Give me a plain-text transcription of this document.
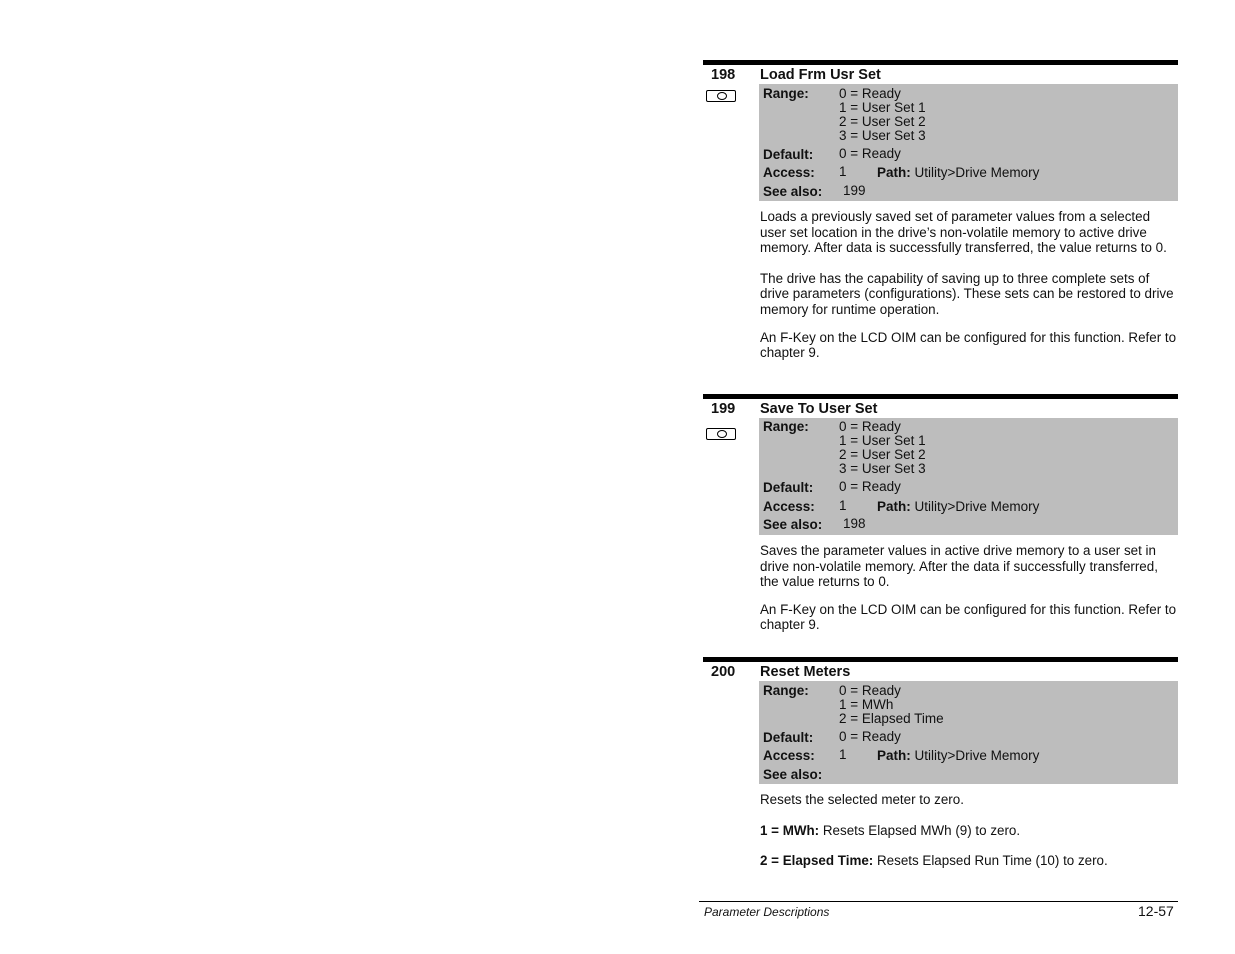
198 Load Frm Usr Set
Range: 0 = Ready
1 = User Set 1
2 = User Set 2
3 = User Set 3
Default: 0 = Ready
Access: 1 Path: Utility>Drive Memory
See also: 199

Loads a previously saved set of parameter values from a selected user set location in the drive’s non-volatile memory to active drive memory. After data is successfully transferred, the value returns to 0.

The drive has the capability of saving up to three complete sets of drive parameters (configurations). These sets can be restored to drive memory for runtime operation.

An F-Key on the LCD OIM can be configured for this function. Refer to chapter 9.

199 Save To User Set
Range: 0 = Ready
1 = User Set 1
2 = User Set 2
3 = User Set 3
Default: 0 = Ready
Access: 1 Path: Utility>Drive Memory
See also: 198

Saves the parameter values in active drive memory to a user set in drive non-volatile memory. After the data if successfully transferred, the value returns to 0.

An F-Key on the LCD OIM can be configured for this function. Refer to chapter 9.

200 Reset Meters
Range: 0 = Ready
1 = MWh
2 = Elapsed Time
Default: 0 = Ready
Access: 1 Path: Utility>Drive Memory
See also:

Resets the selected meter to zero.

1 = MWh: Resets Elapsed MWh (9) to zero.

2 = Elapsed Time: Resets Elapsed Run Time (10) to zero.

Parameter Descriptions	12-57
